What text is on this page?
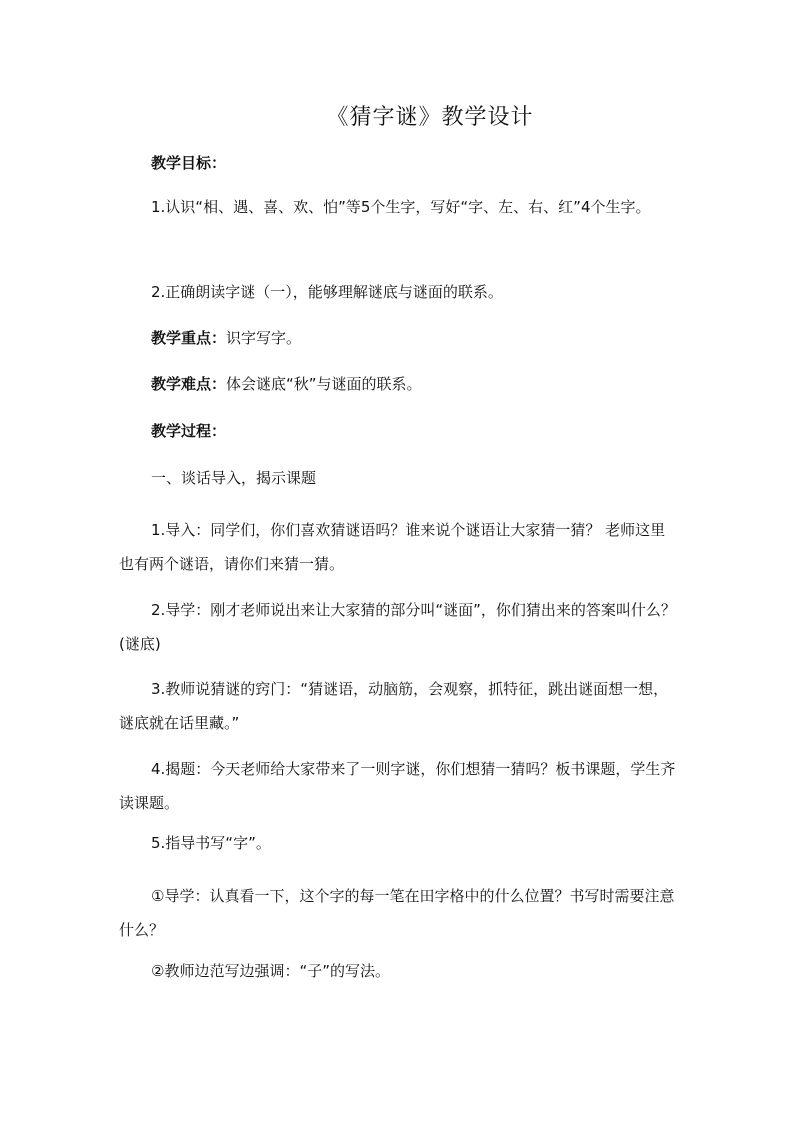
《猜字谜》教学设计

教学目标：

1.认识“相、遇、喜、欢、怕”等5个生字，写好“字、左、右、红”4个生字。

2.正确朗读字谜（一），能够理解谜底与谜面的联系。

教学重点：识字写字。

教学难点：体会谜底“秋”与谜面的联系。

教学过程：

一、谈话导入，揭示课题

1.导入：同学们，你们喜欢猜谜语吗？谁来说个谜语让大家猜一猜？ 老师这里也有两个谜语，请你们来猜一猜。

2.导学：刚才老师说出来让大家猜的部分叫“谜面”，你们猜出来的答案叫什么？(谜底)

3.教师说猜谜的窍门：“猜谜语，动脑筋，会观察，抓特征，跳出谜面想一想，谜底就在话里藏。”

4.揭题：今天老师给大家带来了一则字谜，你们想猜一猜吗？板书课题，学生齐读课题。

5.指导书写“字”。

①导学：认真看一下，这个字的每一笔在田字格中的什么位置？书写时需要注意什么？

②教师边范写边强调：“子”的写法。
